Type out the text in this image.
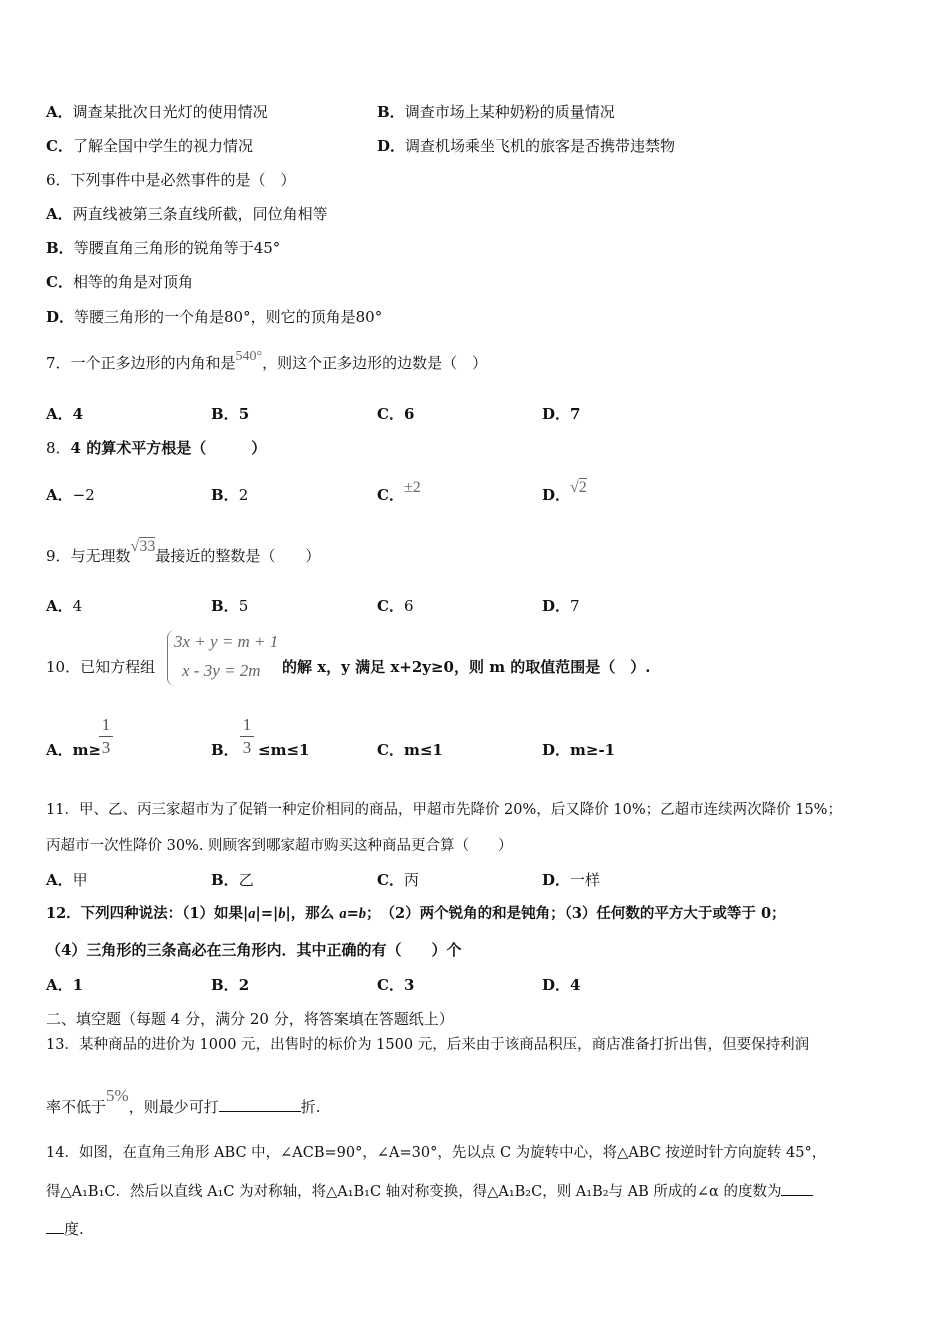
A．调查某批次日光灯的使用情况	B．调查市场上某种奶粉的质量情况
C．了解全国中学生的视力情况	D．调查机场乘坐飞机的旅客是否携带违禁物
6．下列事件中是必然事件的是（　）
A．两直线被第三条直线所截，同位角相等
B．等腰直角三角形的锐角等于45°
C．相等的角是对顶角
D．等腰三角形的一个角是80°，则它的顶角是80°
7．一个正多边形的内角和是540°，则这个正多边形的边数是（　）
A．4	B．5	C．6	D．7
8．4 的算术平方根是（　　　）
A．−2	B．2	C．±2	D．√2
9．与无理数√33最接近的整数是（　　）
A．4	B．5	C．6	D．7
10．已知方程组
3x + y = m + 1
x - 3y = 2m 的解 x，y 满足 x+2y≥0，则 m 的取值范围是（　）.
A．m≥
1
3	B．
1
3 ≤m≤1	C．m≤1	D．m≥-1
11．甲、乙、丙三家超市为了促销一种定价相同的商品，甲超市先降价 20%，后又降价 10%；乙超市连续两次降价 15%；
丙超市一次性降价 30%. 则顾客到哪家超市购买这种商品更合算（　　）
A．甲	B．乙	C．丙	D．一样
12．下列四种说法：（1）如果|a|=|b|，那么 a=b；　（2）两个锐角的和是钝角；（3）任何数的平方大于或等于 0；
（4）三角形的三条高必在三角形内．其中正确的有（　　）个
A．1	B．2	C．3	D．4
二、填空题（每题 4 分，满分 20 分，将答案填在答题纸上）
13．某种商品的进价为 1000 元，出售时的标价为 1500 元，后来由于该商品积压，商店准备打折出售，但要保持利润
率不低于5%，则最少可打	折.
14．如图，在直角三角形 ABC 中，∠ACB=90°，∠A=30°，先以点 C 为旋转中心，将△ABC 按逆时针方向旋转 45°，
得△A₁B₁C．然后以直线 A₁C 为对称轴，将△A₁B₁C 轴对称变换，得△A₁B₂C，则 A₁B₂与 AB 所成的∠α 的度数为
度.
